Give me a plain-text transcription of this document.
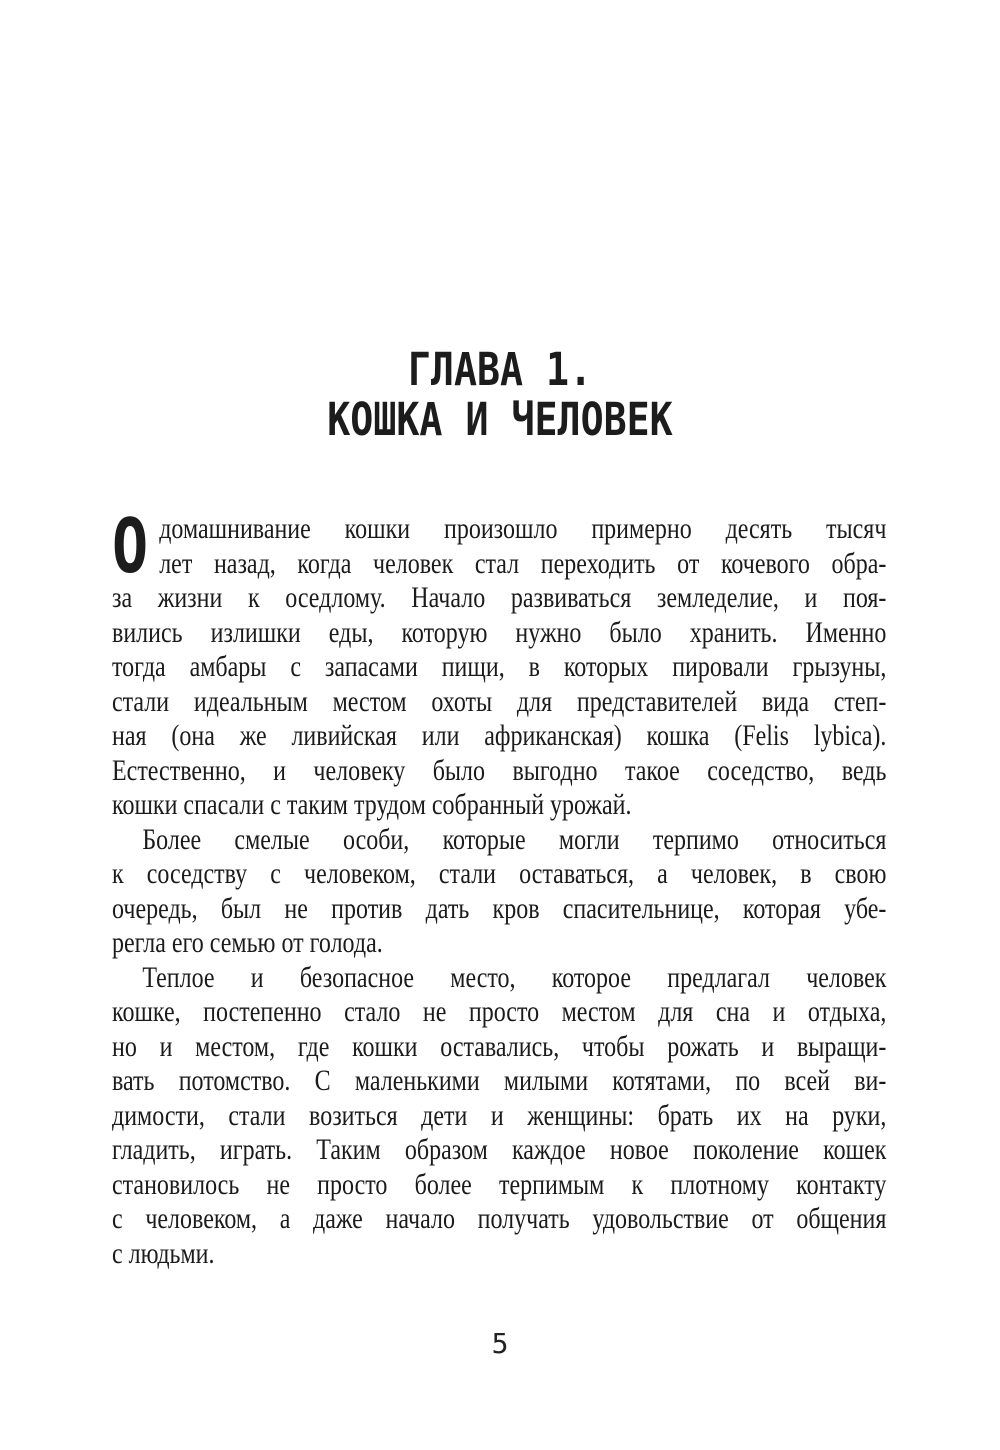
ГЛАВА 1.
КОШКА И ЧЕЛОВЕК
О домашнивание кошки произошло примерно десять тысяч
лет назад, когда человек стал переходить от кочевого обра-
за жизни к оседлому. Начало развиваться земледелие, и поя-
вились излишки еды, которую нужно было хранить. Именно
тогда амбары с запасами пищи, в которых пировали грызуны,
стали идеальным местом охоты для представителей вида степ-
ная (она же ливийская или африканская) кошка (Felis lybica).
Естественно, и человеку было выгодно такое соседство, ведь
кошки спасали с таким трудом собранный урожай.
Более смелые особи, которые могли терпимо относиться
к соседству с человеком, стали оставаться, а человек, в свою
очередь, был не против дать кров спасительнице, которая убе-
регла его семью от голода.
Теплое и безопасное место, которое предлагал человек
кошке, постепенно стало не просто местом для сна и отдыха,
но и местом, где кошки оставались, чтобы рожать и выращи-
вать потомство. С маленькими милыми котятами, по всей ви-
димости, стали возиться дети и женщины: брать их на руки,
гладить, играть. Таким образом каждое новое поколение кошек
становилось не просто более терпимым к плотному контакту
с человеком, а даже начало получать удовольствие от общения
с людьми.
5
